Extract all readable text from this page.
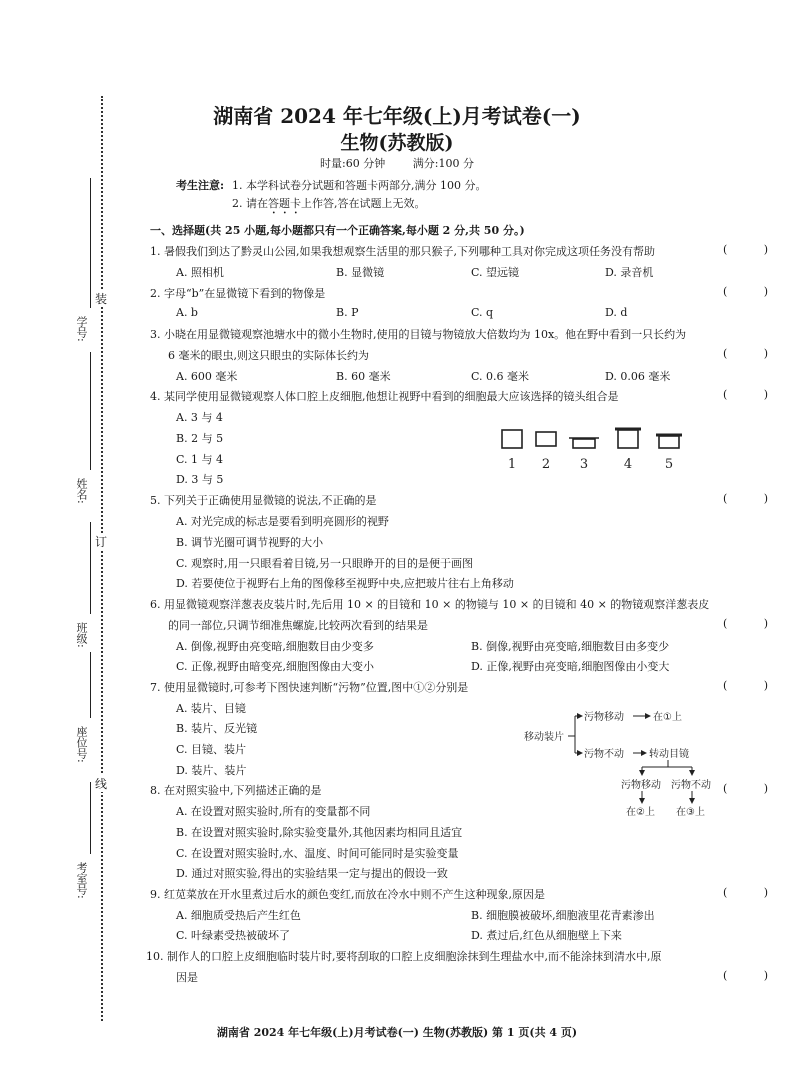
湖南省 2024 年七年级(上)月考试卷(一)
生物(苏教版)
时量:60 分钟	满分:100 分
考生注意: 1. 本学科试卷分试题和答题卡两部分,满分 100 分。
2. 请在答题卡上作答,答在试题上无效。
装
订
线
学号:
姓名:
班级:
座位号:
考室号:
一、选择题(共 25 小题,每小题都只有一个正确答案,每小题 2 分,共 50 分。)
1. 暑假我们到达了黔灵山公园,如果我想观察生活里的那只猴子,下列哪种工具对你完成这项任务没有帮助	(	)
A. 照相机	B. 显微镜	C. 望远镜	D. 录音机
2. 字母“b”在显微镜下看到的物像是	(	)
A. b	B. P	C. q	D. d
3. 小晓在用显微镜观察池塘水中的微小生物时,使用的目镜与物镜放大倍数均为 10x。他在野中看到一只长约为
6 毫米的眼虫,则这只眼虫的实际体长约为	(	)
A. 600 毫米	B. 60 毫米	C. 0.6 毫米	D. 0.06 毫米
4. 某同学使用显微镜观察人体口腔上皮细胞,他想让视野中看到的细胞最大应该选择的镜头组合是	(	)
A. 3 与 4
B. 2 与 5
C. 1 与 4
D. 3 与 5
1 2 3	4	5
5. 下列关于正确使用显微镜的说法,不正确的是	(	)
A. 对光完成的标志是要看到明亮圆形的视野
B. 调节光圈可调节视野的大小
C. 观察时,用一只眼看着目镜,另一只眼睁开的目的是便于画图
D. 若要使位于视野右上角的图像移至视野中央,应把玻片往右上角移动
6. 用显微镜观察洋葱表皮装片时,先后用 10 × 的目镜和 10 × 的物镜与 10 × 的目镜和 40 × 的物镜观察洋葱表皮
的同一部位,只调节细准焦螺旋,比较两次看到的结果是	(	)
A. 倒像,视野由亮变暗,细胞数目由少变多	B. 倒像,视野由亮变暗,细胞数目由多变少
C. 正像,视野由暗变亮,细胞图像由大变小	D. 正像,视野由亮变暗,细胞图像由小变大
7. 使用显微镜时,可参考下图快速判断“污物”位置,图中①②分别是	(	)
A. 装片、目镜
B. 装片、反光镜
C. 目镜、装片
D. 装片、装片
移动装片
污物移动	在①上
污物不动	转动目镜
污物移动 污物不动
在②上 在③上
8. 在对照实验中,下列描述正确的是	(	)
A. 在设置对照实验时,所有的变量都不同
B. 在设置对照实验时,除实验变量外,其他因素均相同且适宜
C. 在设置对照实验时,水、温度、时间可能同时是实验变量
D. 通过对照实验,得出的实验结果一定与提出的假设一致
9. 红苋菜放在开水里煮过后水的颜色变红,而放在冷水中则不产生这种现象,原因是	(	)
A. 细胞质受热后产生红色	B. 细胞膜被破坏,细胞液里花青素渗出
C. 叶绿素受热被破坏了	D. 煮过后,红色从细胞壁上下来
10. 制作人的口腔上皮细胞临时装片时,要将刮取的口腔上皮细胞涂抹到生理盐水中,而不能涂抹到清水中,原
因是	(	)
湖南省 2024 年七年级(上)月考试卷(一) 生物(苏教版) 第 1 页(共 4 页)
